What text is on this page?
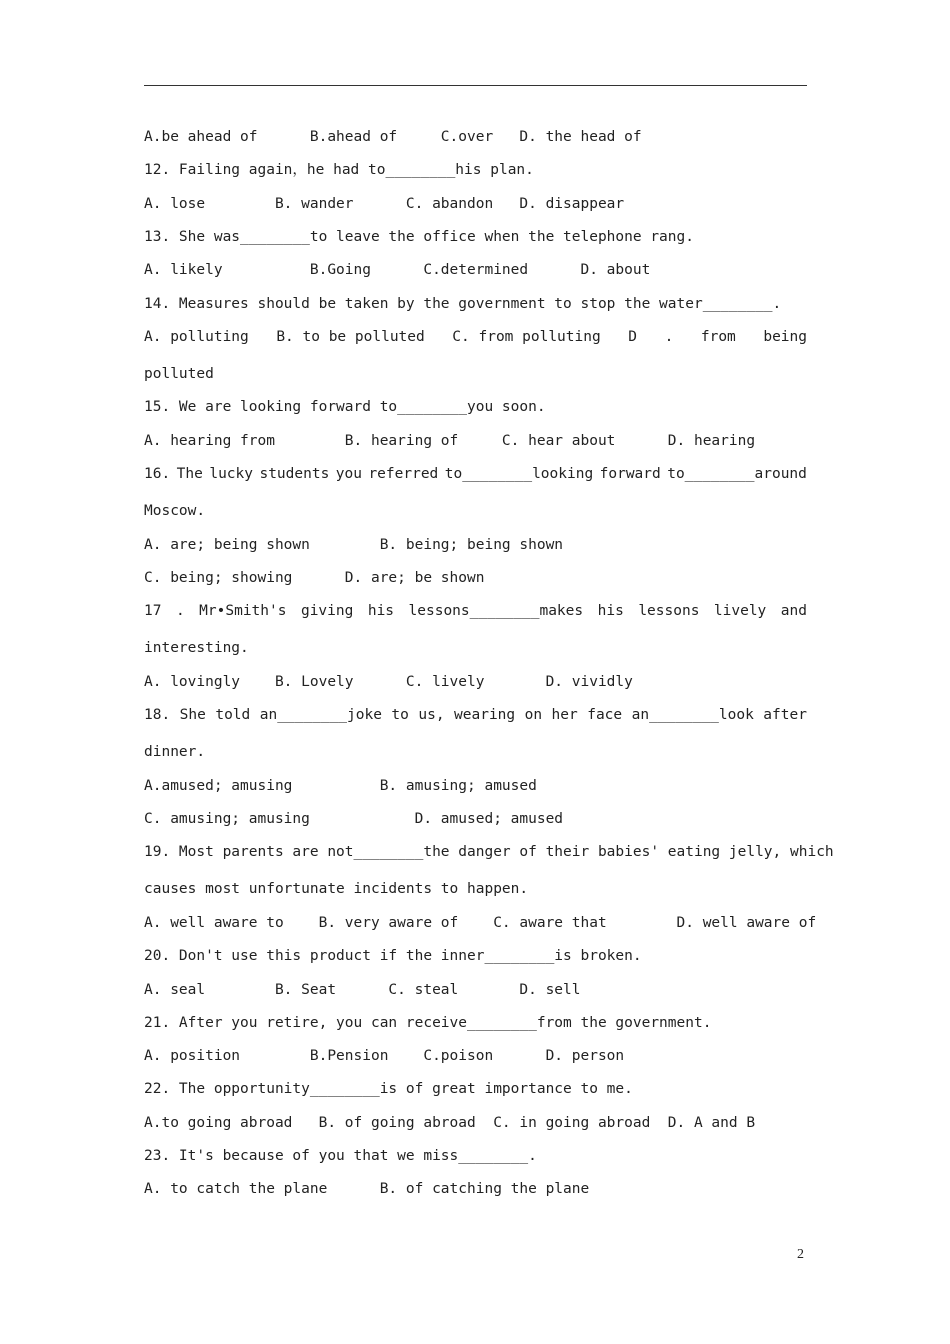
A.be ahead of      B.ahead of     C.over   D. the head of
12. Failing again，he had to________his plan.
A. lose        B. wander      C. abandon   D. disappear
13. She was________to leave the office when the telephone rang.
A. likely          B.Going      C.determined      D. about
14. Measures should be taken by the government to stop the water________.
A. polluting B. to be polluted C. from polluting D . from being
polluted
15. We are looking forward to________you soon.
A. hearing from        B. hearing of     C. hear about      D. hearing
16. The lucky students you referred to________looking forward to________around
Moscow.
A. are; being shown        B. being; being shown
C. being; showing      D. are; be shown
17 . Mr•Smith's giving his lessons________makes his lessons lively and
interesting.
A. lovingly    B. Lovely      C. lively       D. vividly
18. She told an________joke to us, wearing on her face an________look after
dinner.
A.amused; amusing          B. amusing; amused
C. amusing; amusing            D. amused; amused
19. Most parents are not________the danger of their babies' eating jelly, which
causes most unfortunate incidents to happen.
A. well aware to    B. very aware of    C. aware that        D. well aware of
20. Don't use this product if the inner________is broken.
A. seal        B. Seat      C. steal       D. sell
21. After you retire, you can receive________from the government.
A. position        B.Pension    C.poison      D. person
22. The opportunity________is of great importance to me.
A.to going abroad   B. of going abroad  C. in going abroad  D. A and B
23. It's because of you that we miss________.
A. to catch the plane      B. of catching the plane
2
